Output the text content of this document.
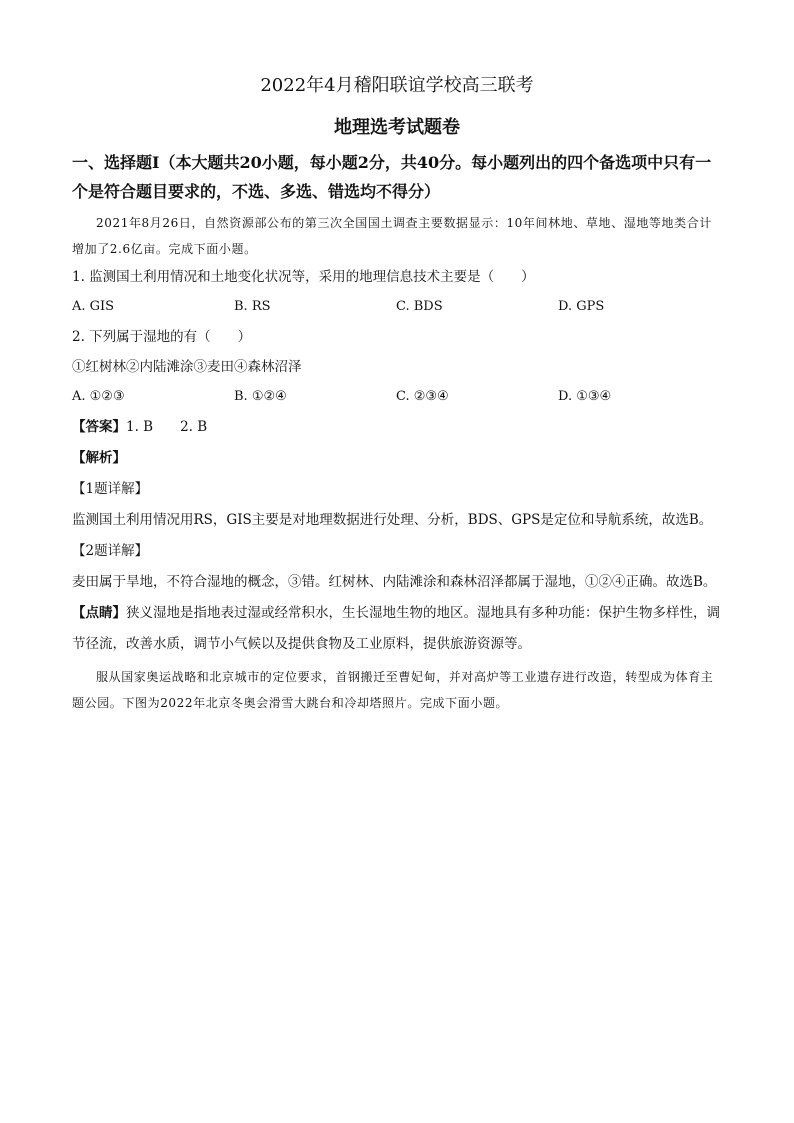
2022年4月稽阳联谊学校高三联考
地理选考试题卷
一、选择题Ⅰ（本大题共20小题，每小题2分，共40分。每小题列出的四个备选项中只有一个是符合题目要求的，不选、多选、错选均不得分）

2021年8月26日，自然资源部公布的第三次全国国土调查主要数据显示：10年间林地、草地、湿地等地类合计增加了2.6亿亩。完成下面小题。

1. 监测国土利用情况和土地变化状况等，采用的地理信息技术主要是（　　）

A. GIS	B. RS	C. BDS	D. GPS

2. 下列属于湿地的有（　　）

①红树林②内陆滩涂③麦田④森林沼泽

A. ①②③	B. ①②④	C. ②③④	D. ①③④

【答案】1. B　　2. B

【解析】

【1题详解】

监测国土利用情况用RS，GIS主要是对地理数据进行处理、分析，BDS、GPS是定位和导航系统，故选B。

【2题详解】

麦田属于旱地，不符合湿地的概念，③错。红树林、内陆滩涂和森林沼泽都属于湿地，①②④正确。故选B。

【点睛】狭义湿地是指地表过湿或经常积水，生长湿地生物的地区。湿地具有多种功能：保护生物多样性，调节径流，改善水质，调节小气候以及提供食物及工业原料，提供旅游资源等。

服从国家奥运战略和北京城市的定位要求，首钢搬迁至曹妃甸，并对高炉等工业遗存进行改造，转型成为体育主题公园。下图为2022年北京冬奥会滑雪大跳台和冷却塔照片。完成下面小题。
